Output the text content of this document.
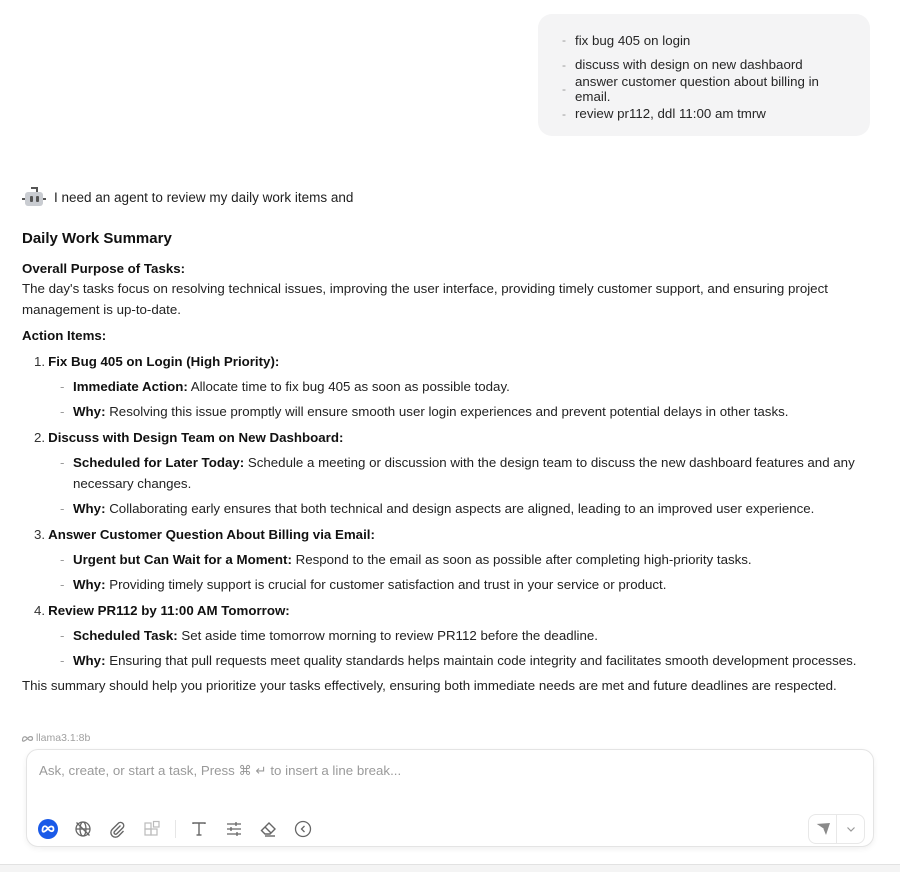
- fix bug 405 on login
- discuss with design on new dashbaord
- answer customer question about billing in email.
- review pr112, ddl 11:00 am tmrw
I need an agent to review my daily work items and
Daily Work Summary
Overall Purpose of Tasks:
The day's tasks focus on resolving technical issues, improving the user interface, providing timely customer support, and ensuring project management is up-to-date.
Action Items:
1. Fix Bug 405 on Login (High Priority):
- Immediate Action: Allocate time to fix bug 405 as soon as possible today.
- Why: Resolving this issue promptly will ensure smooth user login experiences and prevent potential delays in other tasks.
2. Discuss with Design Team on New Dashboard:
- Scheduled for Later Today: Schedule a meeting or discussion with the design team to discuss the new dashboard features and any necessary changes.
- Why: Collaborating early ensures that both technical and design aspects are aligned, leading to an improved user experience.
3. Answer Customer Question About Billing via Email:
- Urgent but Can Wait for a Moment: Respond to the email as soon as possible after completing high-priority tasks.
- Why: Providing timely support is crucial for customer satisfaction and trust in your service or product.
4. Review PR112 by 11:00 AM Tomorrow:
- Scheduled Task: Set aside time tomorrow morning to review PR112 before the deadline.
- Why: Ensuring that pull requests meet quality standards helps maintain code integrity and facilitates smooth development processes.
This summary should help you prioritize your tasks effectively, ensuring both immediate needs are met and future deadlines are respected.
llama3.1:8b
Ask, create, or start a task, Press ⌘ ↵ to insert a line break...
